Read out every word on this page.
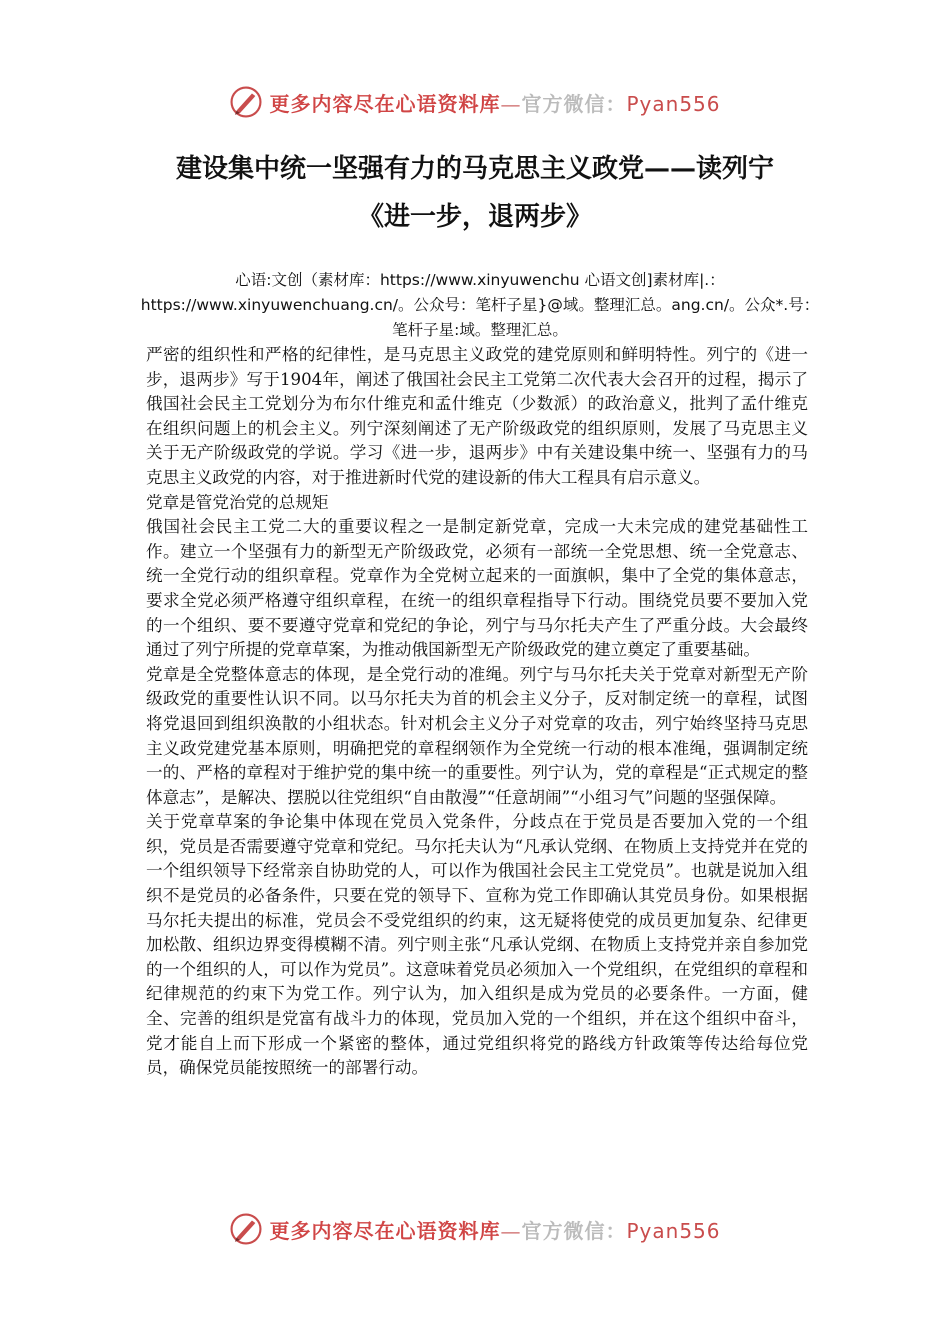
更多内容尽在心语资料库—官方微信：Pyan556
建设集中统一坚强有力的马克思主义政党——读列宁
《进一步，退两步》
心语:文创（素材库：https://www.xinyuwenchu 心语文创]素材库|.：https://www.xinyuwenchuang.cn/。公众号：笔杆子星}@域。整理汇总。ang.cn/。公众*.号：笔杆子星:域。整理汇总。

严密的组织性和严格的纪律性，是马克思主义政党的建党原则和鲜明特性。列宁的《进一步，退两步》写于1904年，阐述了俄国社会民主工党第二次代表大会召开的过程，揭示了俄国社会民主工党划分为布尔什维克和孟什维克（少数派）的政治意义，批判了孟什维克在组织问题上的机会主义。列宁深刻阐述了无产阶级政党的组织原则，发展了马克思主义关于无产阶级政党的学说。学习《进一步，退两步》中有关建设集中统一、坚强有力的马克思主义政党的内容，对于推进新时代党的建设新的伟大工程具有启示意义。

党章是管党治党的总规矩

俄国社会民主工党二大的重要议程之一是制定新党章，完成一大未完成的建党基础性工作。建立一个坚强有力的新型无产阶级政党，必须有一部统一全党思想、统一全党意志、统一全党行动的组织章程。党章作为全党树立起来的一面旗帜，集中了全党的集体意志，要求全党必须严格遵守组织章程，在统一的组织章程指导下行动。围绕党员要不要加入党的一个组织、要不要遵守党章和党纪的争论，列宁与马尔托夫产生了严重分歧。大会最终通过了列宁所提的党章草案，为推动俄国新型无产阶级政党的建立奠定了重要基础。

党章是全党整体意志的体现，是全党行动的准绳。列宁与马尔托夫关于党章对新型无产阶级政党的重要性认识不同。以马尔托夫为首的机会主义分子，反对制定统一的章程，试图将党退回到组织涣散的小组状态。针对机会主义分子对党章的攻击，列宁始终坚持马克思主义政党建党基本原则，明确把党的章程纲领作为全党统一行动的根本准绳，强调制定统一的、严格的章程对于维护党的集中统一的重要性。列宁认为，党的章程是“正式规定的整体意志”，是解决、摆脱以往党组织“自由散漫”“任意胡闹”“小组习气”问题的坚强保障。

关于党章草案的争论集中体现在党员入党条件，分歧点在于党员是否要加入党的一个组织，党员是否需要遵守党章和党纪。马尔托夫认为“凡承认党纲、在物质上支持党并在党的一个组织领导下经常亲自协助党的人，可以作为俄国社会民主工党党员”。也就是说加入组织不是党员的必备条件，只要在党的领导下、宣称为党工作即确认其党员身份。如果根据马尔托夫提出的标准，党员会不受党组织的约束，这无疑将使党的成员更加复杂、纪律更加松散、组织边界变得模糊不清。列宁则主张“凡承认党纲、在物质上支持党并亲自参加党的一个组织的人，可以作为党员”。这意味着党员必须加入一个党组织，在党组织的章程和纪律规范的约束下为党工作。列宁认为，加入组织是成为党员的必要条件。一方面，健全、完善的组织是党富有战斗力的体现，党员加入党的一个组织，并在这个组织中奋斗，党才能自上而下形成一个紧密的整体，通过党组织将党的路线方针政策等传达给每位党员，确保党员能按照统一的部署行动。

更多内容尽在心语资料库—官方微信：Pyan556
